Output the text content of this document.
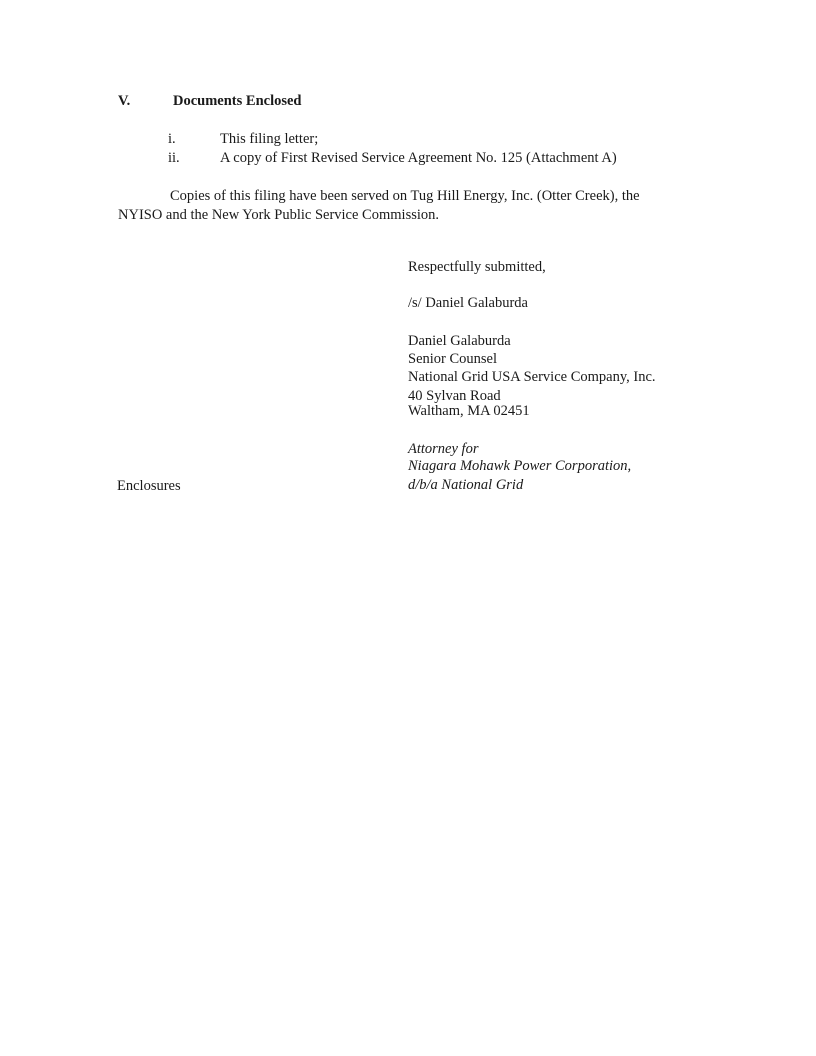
V.	Documents Enclosed
i.	This filing letter;
ii.	A copy of First Revised Service Agreement No. 125 (Attachment A)
Copies of this filing have been served on Tug Hill Energy, Inc. (Otter Creek), the
NYISO and the New York Public Service Commission.
Respectfully submitted,
/s/ Daniel Galaburda
Daniel Galaburda
Senior Counsel
National Grid USA Service Company, Inc.
40 Sylvan Road
Waltham, MA 02451
Attorney for
Niagara Mohawk Power Corporation,
d/b/a National Grid
Enclosures
